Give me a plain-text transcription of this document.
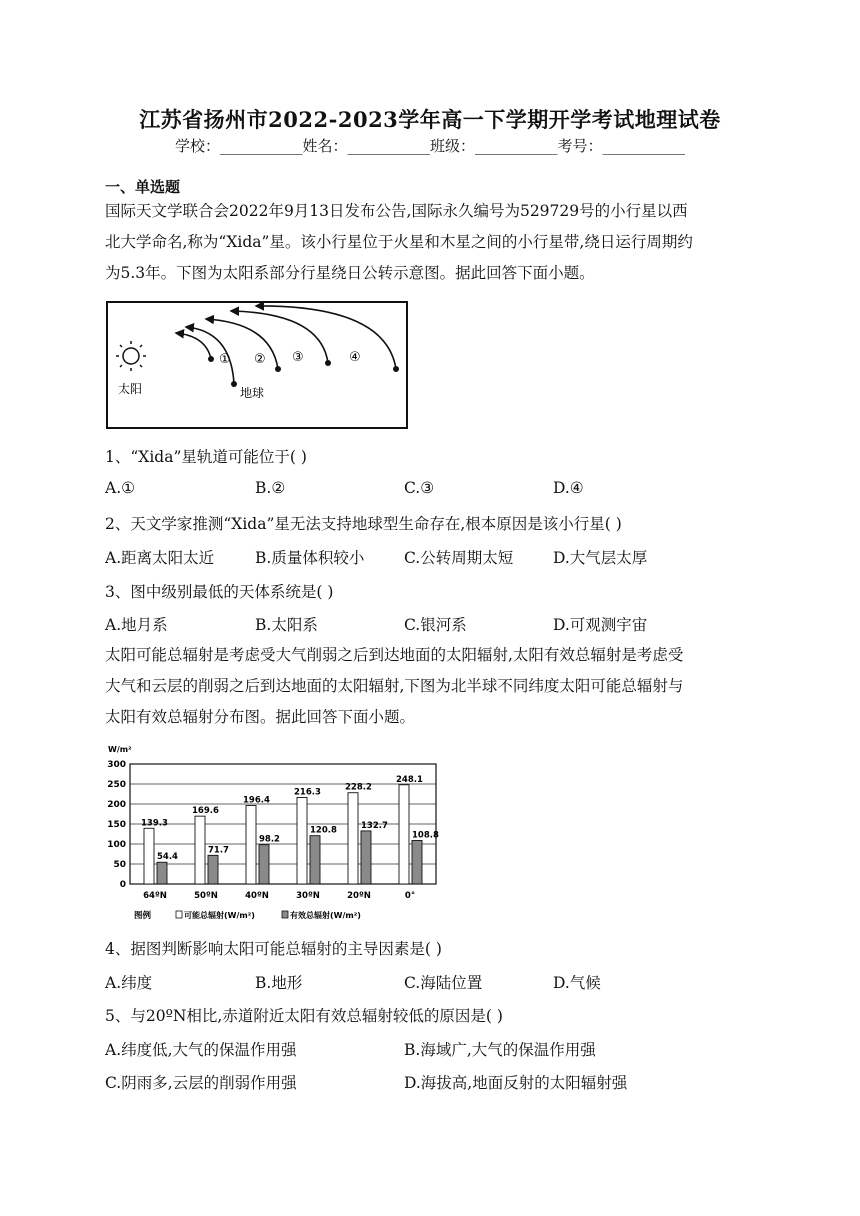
江苏省扬州市2022-2023学年高一下学期开学考试地理试卷
学校：___________姓名：___________班级：___________考号：___________
一、单选题
国际天文学联合会2022年9月13日发布公告,国际永久编号为529729号的小行星以西
北大学命名,称为“Xida”星。该小行星位于火星和木星之间的小行星带,绕日运行周期约
为5.3年。下图为太阳系部分行星绕日公转示意图。据此回答下面小题。
太阳
① ② ③	④
地球
1、“Xida”星轨道可能位于( )
A.①	B.②	C.③	D.④
2、天文学家推测“Xida”星无法支持地球型生命存在,根本原因是该小行星( )
A.距离太阳太近	B.质量体积较小	C.公转周期太短	D.大气层太厚
3、图中级别最低的天体系统是( )
A.地月系	B.太阳系	C.银河系	D.可观测宇宙
太阳可能总辐射是考虑受大气削弱之后到达地面的太阳辐射,太阳有效总辐射是考虑受
大气和云层的削弱之后到达地面的太阳辐射,下图为北半球不同纬度太阳可能总辐射与
太阳有效总辐射分布图。据此回答下面小题。
W/m²
0
50
100
150
200
250
300
139.3
54.4
169.6
71.7
196.4
98.2
216.3
120.8
228.2
132.7
248.1
108.8
64ºN	50ºN	40ºN	30ºN	20ºN	0°
图例	可能总辐射(W/m²)	有效总辐射(W/m²)
4、据图判断影响太阳可能总辐射的主导因素是( )
A.纬度	B.地形	C.海陆位置	D.气候
5、与20ºN相比,赤道附近太阳有效总辐射较低的原因是( )
A.纬度低,大气的保温作用强	B.海域广,大气的保温作用强
C.阴雨多,云层的削弱作用强	D.海拔高,地面反射的太阳辐射强
